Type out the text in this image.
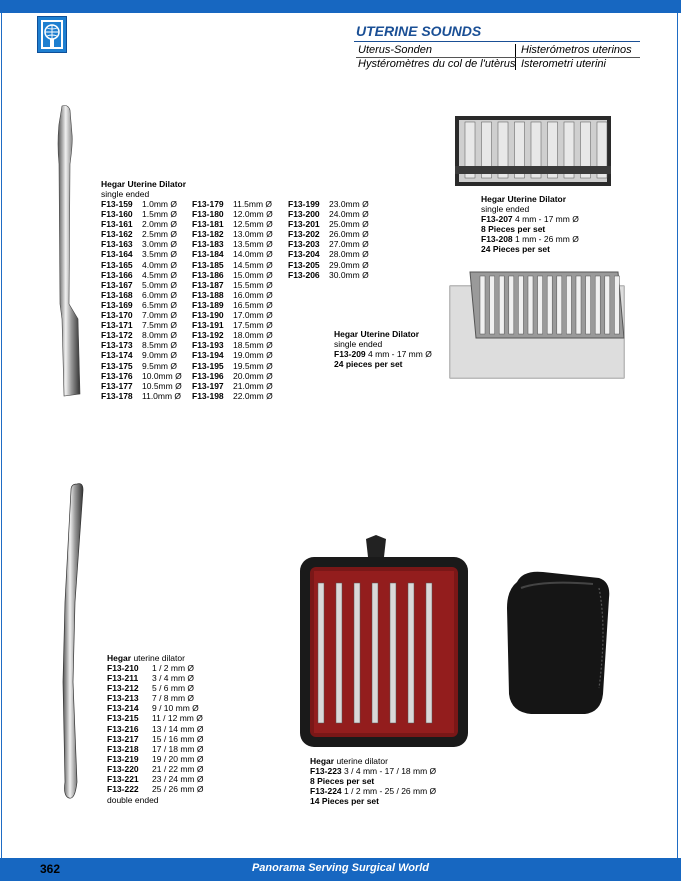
UTERINE SOUNDS
Uterus-Sonden
Hystéromètres du col de l'utèrus
Histerómetros uterinos
Isterometri uterini
Hegar Uterine Dilator
single ended
F13-159 1.0mm Ø
F13-160 1.5mm Ø
F13-161 2.0mm Ø
F13-162 2.5mm Ø
F13-163 3.0mm Ø
F13-164 3.5mm Ø
F13-165 4.0mm Ø
F13-166 4.5mm Ø
F13-167 5.0mm Ø
F13-168 6.0mm Ø
F13-169 6.5mm Ø
F13-170 7.0mm Ø
F13-171 7.5mm Ø
F13-172 8.0mm Ø
F13-173 8.5mm Ø
F13-174 9.0mm Ø
F13-175 9.5mm Ø
F13-176 10.0mm Ø
F13-177 10.5mm Ø
F13-178 11.0mm Ø
F13-179 11.5mm Ø
F13-180 12.0mm Ø
F13-181 12.5mm Ø
F13-182 13.0mm Ø
F13-183 13.5mm Ø
F13-184 14.0mm Ø
F13-185 14.5mm Ø
F13-186 15.0mm Ø
F13-187 15.5mm Ø
F13-188 16.0mm Ø
F13-189 16.5mm Ø
F13-190 17.0mm Ø
F13-191 17.5mm Ø
F13-192 18.0mm Ø
F13-193 18.5mm Ø
F13-194 19.0mm Ø
F13-195 19.5mm Ø
F13-196 20.0mm Ø
F13-197 21.0mm Ø
F13-198 22.0mm Ø
F13-199 23.0mm Ø
F13-200 24.0mm Ø
F13-201 25.0mm Ø
F13-202 26.0mm Ø
F13-203 27.0mm Ø
F13-204 28.0mm Ø
F13-205 29.0mm Ø
F13-206 30.0mm Ø
Hegar Uterine Dilator
single ended
F13-207 4 mm - 17 mm Ø
8 Pieces per set
F13-208 1 mm - 26 mm Ø
24 Pieces per set
Hegar Uterine Dilator
single ended
F13-209 4 mm - 17 mm Ø
24 pieces per set
Hegar uterine dilator
F13-210 1 / 2 mm Ø
F13-211 3 / 4 mm Ø
F13-212 5 / 6 mm Ø
F13-213 7 / 8 mm Ø
F13-214 9 / 10 mm Ø
F13-215 11 / 12 mm Ø
F13-216 13 / 14 mm Ø
F13-217 15 / 16 mm Ø
F13-218 17 / 18 mm Ø
F13-219 19 / 20 mm Ø
F13-220 21 / 22 mm Ø
F13-221 23 / 24 mm Ø
F13-222 25 / 26 mm Ø
double ended
Hegar uterine dilator
F13-223 3 / 4 mm - 17 / 18 mm Ø
8 Pieces per set
F13-224 1 / 2 mm - 25 / 26 mm Ø
14 Pieces per set
362	Panorama Serving Surgical World
